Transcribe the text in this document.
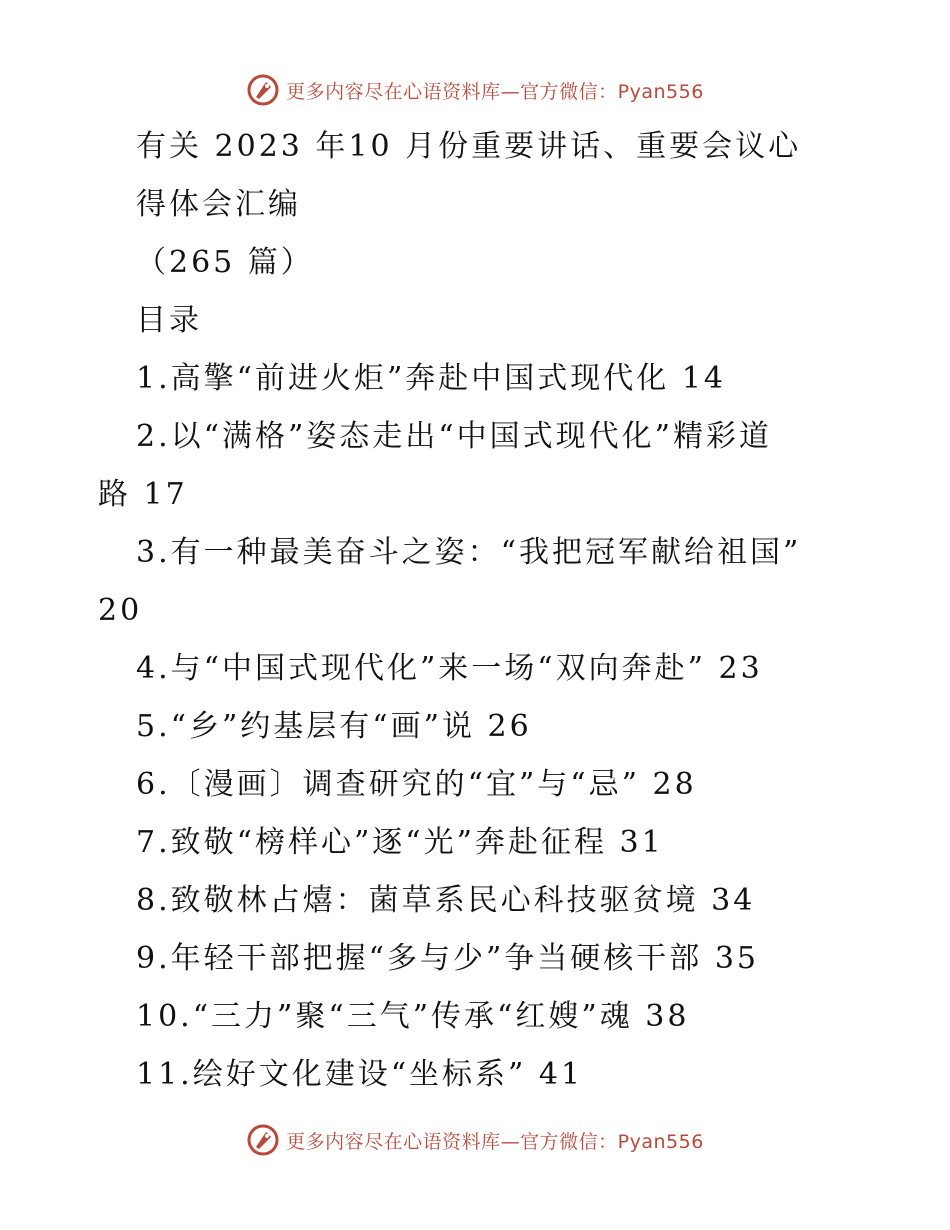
更多内容尽在心语资料库—官方微信：Pyan556
有关 2023 年10 月份重要讲话、重要会议心
得体会汇编
（265 篇）
目录
1.高擎“前进火炬”奔赴中国式现代化 14
2.以“满格”姿态走出“中国式现代化”精彩道
路 17
3.有一种最美奋斗之姿：“我把冠军献给祖国”
20
4.与“中国式现代化”来一场“双向奔赴” 23
5.“乡”约基层有“画”说 26
6.〔漫画〕调查研究的“宜”与“忌” 28
7.致敬“榜样心”逐“光”奔赴征程 31
8.致敬林占熺：菌草系民心科技驱贫境 34
9.年轻干部把握“多与少”争当硬核干部 35
10.“三力”聚“三气”传承“红嫂”魂 38
11.绘好文化建设“坐标系” 41
更多内容尽在心语资料库—官方微信：Pyan556
